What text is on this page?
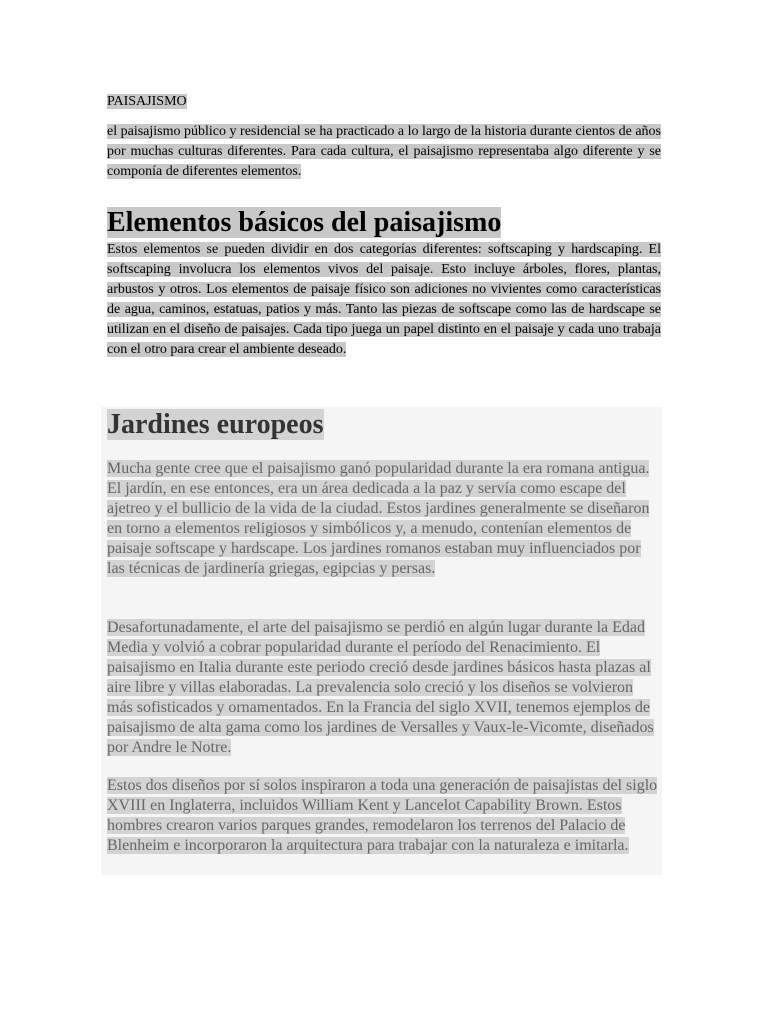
PAISAJISMO
el paisajismo público y residencial se ha practicado a lo largo de la historia durante cientos de años por muchas culturas diferentes. Para cada cultura, el paisajismo representaba algo diferente y se componía de diferentes elementos.
Elementos básicos del paisajismo
Estos elementos se pueden dividir en dos categorías diferentes: softscaping y hardscaping. El softscaping involucra los elementos vivos del paisaje. Esto incluye árboles, flores, plantas, arbustos y otros. Los elementos de paisaje físico son adiciones no vivientes como características de agua, caminos, estatuas, patios y más. Tanto las piezas de softscape como las de hardscape se utilizan en el diseño de paisajes. Cada tipo juega un papel distinto en el paisaje y cada uno trabaja con el otro para crear el ambiente deseado.
Jardines europeos
Mucha gente cree que el paisajismo ganó popularidad durante la era romana antigua. El jardín, en ese entonces, era un área dedicada a la paz y servía como escape del ajetreo y el bullicio de la vida de la ciudad. Estos jardines generalmente se diseñaron en torno a elementos religiosos y simbólicos y, a menudo, contenían elementos de paisaje softscape y hardscape. Los jardines romanos estaban muy influenciados por las técnicas de jardinería griegas, egipcias y persas.
Desafortunadamente, el arte del paisajismo se perdió en algún lugar durante la Edad Media y volvió a cobrar popularidad durante el período del Renacimiento. El paisajismo en Italia durante este periodo creció desde jardines básicos hasta plazas al aire libre y villas elaboradas. La prevalencia solo creció y los diseños se volvieron más sofisticados y ornamentados. En la Francia del siglo XVII, tenemos ejemplos de paisajismo de alta gama como los jardines de Versalles y Vaux-le-Vicomte, diseñados por Andre le Notre.
Estos dos diseños por sí solos inspiraron a toda una generación de paisajistas del siglo XVIII en Inglaterra, incluidos William Kent y Lancelot Capability Brown. Estos hombres crearon varios parques grandes, remodelaron los terrenos del Palacio de Blenheim e incorporaron la arquitectura para trabajar con la naturaleza e imitarla.
